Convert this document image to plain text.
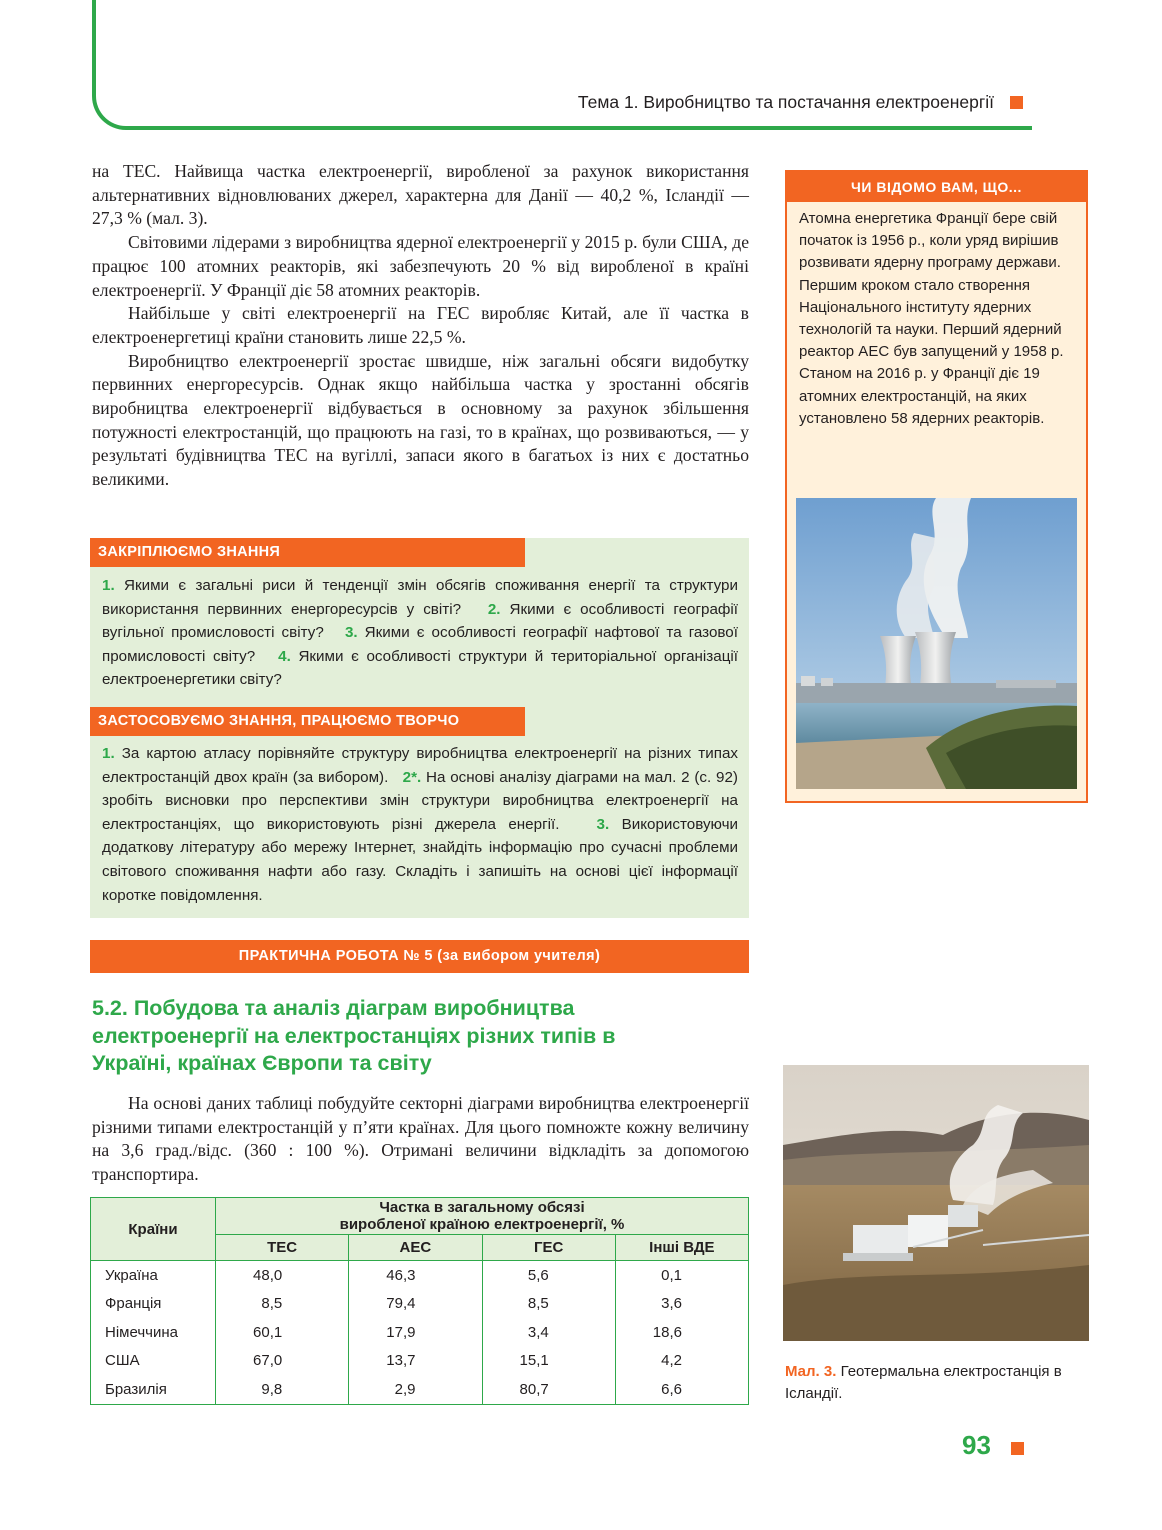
Тема 1. Виробництво та постачання електроенергії

на ТЕС. Найвища частка електроенергії, виробленої за рахунок використання альтернативних відновлюваних джерел, характерна для Данії — 40,2 %, Ісландії — 27,3 % (мал. 3).

Світовими лідерами з виробництва ядерної електроенергії у 2015 р. були США, де працює 100 атомних реакторів, які забезпечують 20 % від виробленої в країні електроенергії. У Франції діє 58 атомних реакторів.

Найбільше у світі електроенергії на ГЕС виробляє Китай, але її частка в електроенергетиці країни становить лише 22,5 %.

Виробництво електроенергії зростає швидше, ніж загальні обсяги видобутку первинних енергоресурсів. Однак якщо найбільша частка у зростанні обсягів виробництва електроенергії відбувається в основному за рахунок збільшення потужності електростанцій, що працюють на газі, то в країнах, що розвиваються, — у результаті будівництва ТЕС на вугіллі, запаси якого в багатьох із них є достатньо великими.

ЧИ ВІДОМО ВАМ, ЩО...
Атомна енергетика Франції бере свій початок із 1956 р., коли уряд вирішив розвивати ядерну програму держави. Першим кроком стало створення Національного інституту ядерних технологій та науки. Перший ядерний реактор АЕС був запущений у 1958 р. Станом на 2016 р. у Франції діє 19 атомних електростанцій, на яких установлено 58 ядерних реакторів.
ЗАКРІПЛЮЄМО ЗНАННЯ
1. Якими є загальні риси й тенденції змін обсягів споживання енергії та структури використання первинних енергоресурсів у світі? 2. Якими є особливості географії вугільної промисловості світу? 3. Якими є особливості географії нафтової та газової промисловості світу? 4. Якими є особливості структури й територіальної організації електроенергетики світу?
ЗАСТОСОВУЄМО ЗНАННЯ, ПРАЦЮЄМО ТВОРЧО
1. За картою атласу порівняйте структуру виробництва електроенергії на різних типах електростанцій двох країн (за вибором). 2*. На основі аналізу діаграми на мал. 2 (с. 92) зробіть висновки про перспективи змін структури виробництва електроенергії на електростанціях, що використовують різні джерела енергії. 3. Використовуючи додаткову літературу або мережу Інтернет, знайдіть інформацію про сучасні проблеми світового споживання нафти або газу. Складіть і запишіть на основі цієї інформації коротке повідомлення.
ПРАКТИЧНА РОБОТА № 5 (за вибором учителя)
5.2. Побудова та аналіз діаграм виробництва електроенергії на електростанціях різних типів в Україні, країнах Європи та світу

На основі даних таблиці побудуйте секторні діаграми виробництва електроенергії різними типами електростанцій у п’яти країнах. Для цього помножте кожну величину на 3,6 град./відс. (360 : 100 %). Отримані величини відкладіть за допомогою транспортира.

Країни	Частка в загальному обсязі
виробленої країною електроенергії, %			
	ТЕС	АЕС	ГЕС	Інші ВДЕ
Україна	48,0	46,3	5,6	0,1
Франція	8,5	79,4	8,5	3,6
Німеччина	60,1	17,9	3,4	18,6
США	67,0	13,7	15,1	4,2
Бразилія	9,8	2,9	80,7	6,6
Мал. 3. Геотермальна електростанція в Ісландії.
93
